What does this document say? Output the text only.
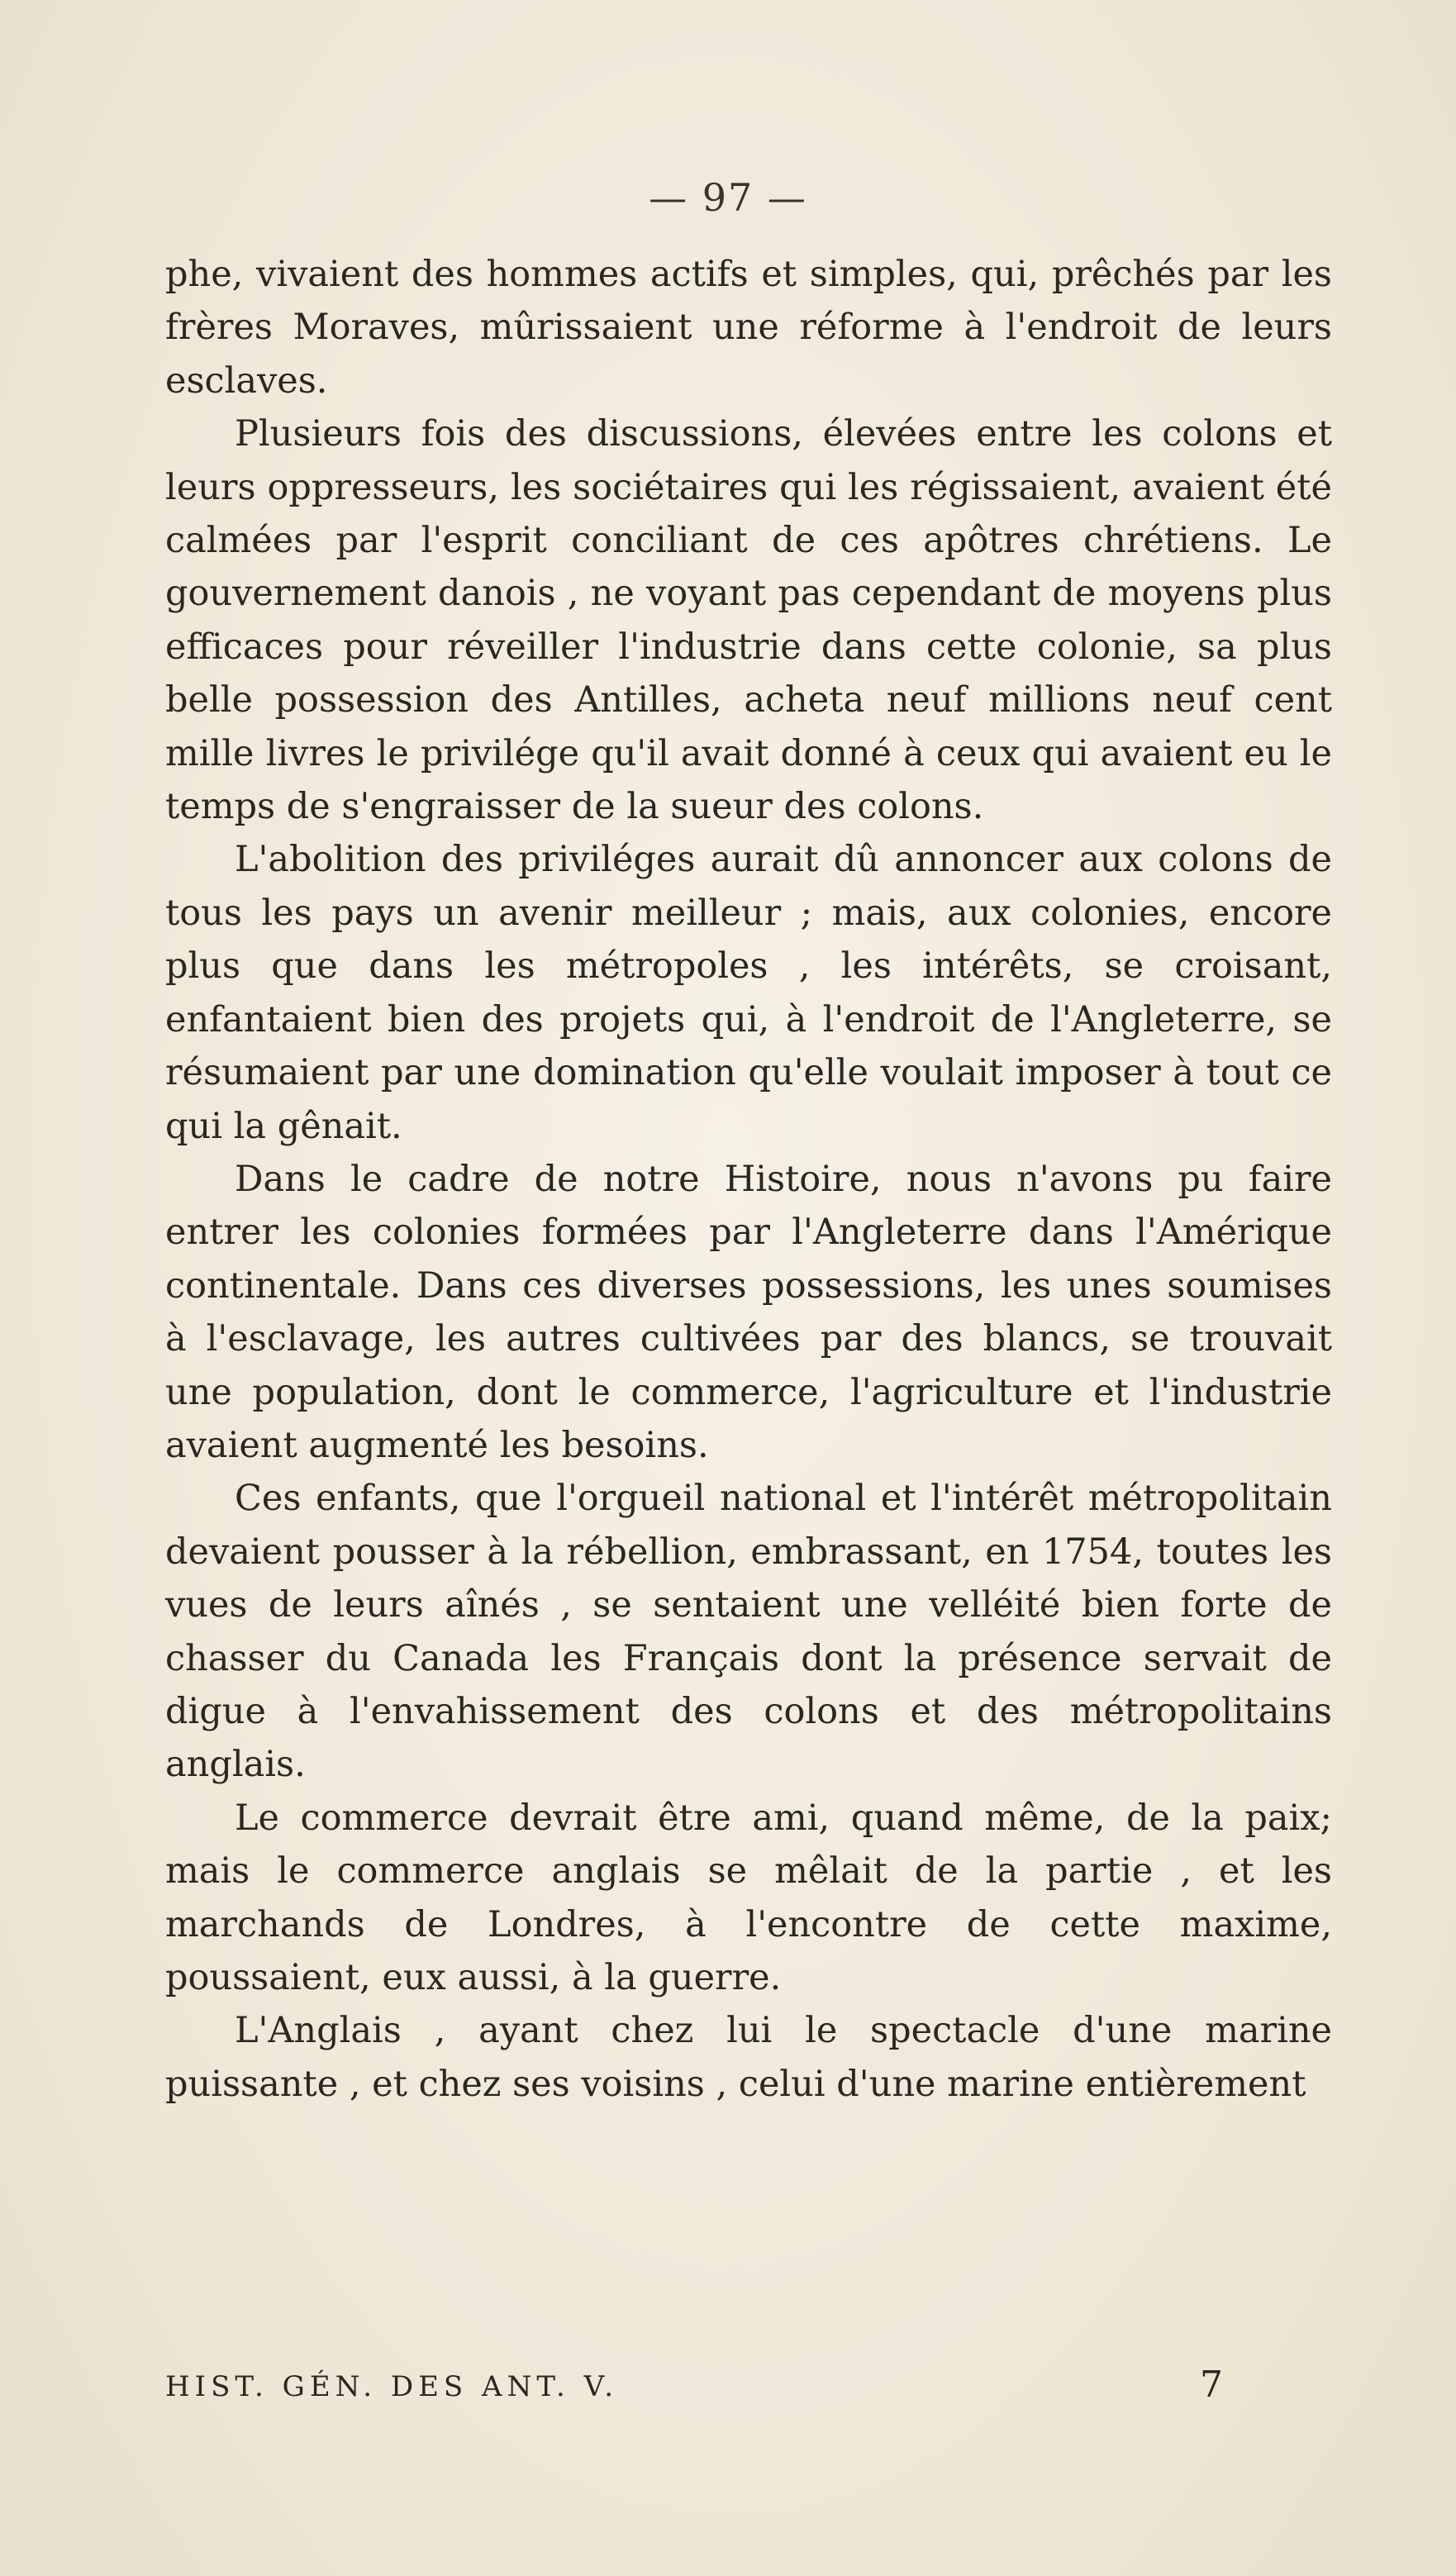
— 97 —

phe, vivaient des hommes actifs et simples, qui, prêchés par les frères Moraves, mûrissaient une réforme à l'endroit de leurs esclaves.

Plusieurs fois des discussions, élevées entre les colons et leurs oppresseurs, les sociétaires qui les régissaient, avaient été calmées par l'esprit conciliant de ces apôtres chrétiens. Le gouvernement danois , ne voyant pas cependant de moyens plus efficaces pour réveiller l'industrie dans cette colonie, sa plus belle possession des Antilles, acheta neuf millions neuf cent mille livres le privilége qu'il avait donné à ceux qui avaient eu le temps de s'engraisser de la sueur des colons.

L'abolition des priviléges aurait dû annoncer aux colons de tous les pays un avenir meilleur ; mais, aux colonies, encore plus que dans les métropoles , les intérêts, se croisant, enfantaient bien des projets qui, à l'endroit de l'Angleterre, se résumaient par une domination qu'elle voulait imposer à tout ce qui la gênait.

Dans le cadre de notre Histoire, nous n'avons pu faire entrer les colonies formées par l'Angleterre dans l'Amérique continentale. Dans ces diverses possessions, les unes soumises à l'esclavage, les autres cultivées par des blancs, se trouvait une population, dont le commerce, l'agriculture et l'industrie avaient augmenté les besoins.

Ces enfants, que l'orgueil national et l'intérêt métropolitain devaient pousser à la rébellion, embrassant, en 1754, toutes les vues de leurs aînés , se sentaient une velléité bien forte de chasser du Canada les Français dont la présence servait de digue à l'envahissement des colons et des métropolitains anglais.

Le commerce devrait être ami, quand même, de la paix; mais le commerce anglais se mêlait de la partie , et les marchands de Londres, à l'encontre de cette maxime, poussaient, eux aussi, à la guerre.

L'Anglais , ayant chez lui le spectacle d'une marine puissante , et chez ses voisins , celui d'une marine entièrement

HIST. GÉN. DES ANT. V.	7
